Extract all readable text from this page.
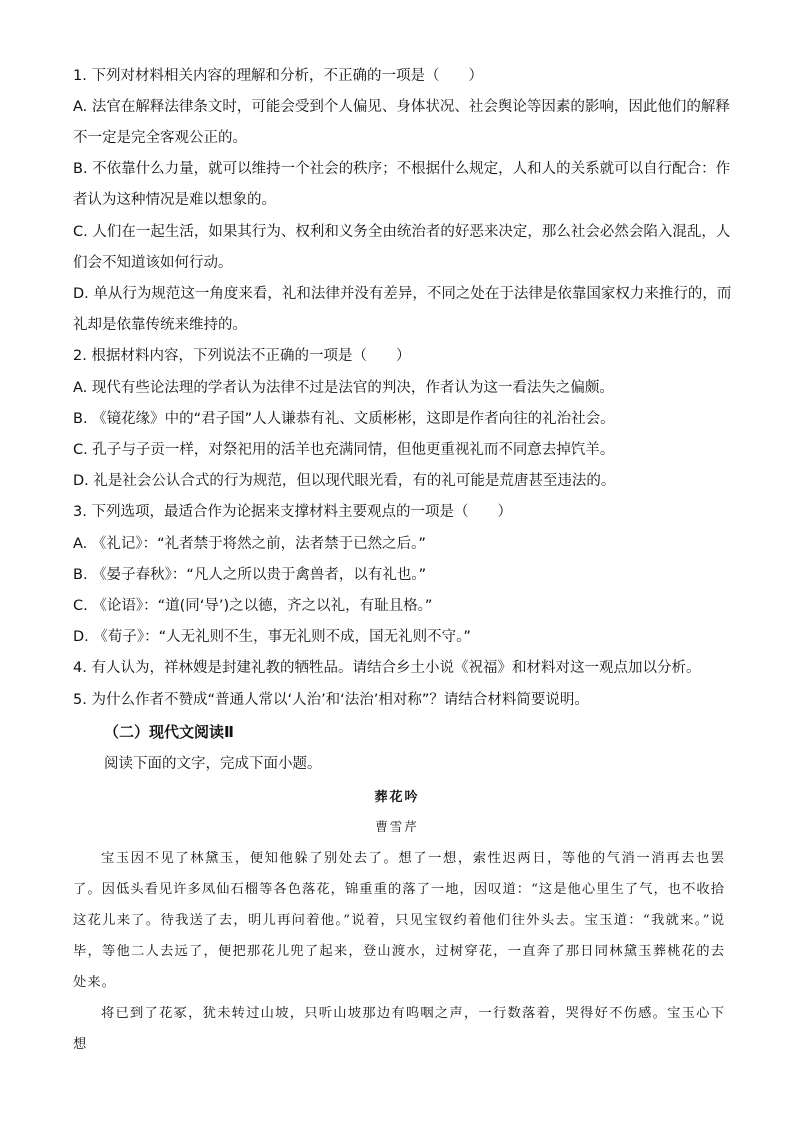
1. 下列对材料相关内容的理解和分析，不正确的一项是（　　）
A. 法官在解释法律条文时，可能会受到个人偏见、身体状况、社会舆论等因素的影响，因此他们的解释
不一定是完全客观公正的。
B. 不依靠什么力量，就可以维持一个社会的秩序；不根据什么规定，人和人的关系就可以自行配合：作
者认为这种情况是难以想象的。
C. 人们在一起生活，如果其行为、权利和义务全由统治者的好恶来决定，那么社会必然会陷入混乱，人
们会不知道该如何行动。
D. 单从行为规范这一角度来看，礼和法律并没有差异，不同之处在于法律是依靠国家权力来推行的，而
礼却是依靠传统来维持的。
2. 根据材料内容，下列说法不正确的一项是（　　）
A. 现代有些论法理的学者认为法律不过是法官的判决，作者认为这一看法失之偏颇。
B. 《镜花缘》中的“君子国”人人谦恭有礼、文质彬彬，这即是作者向往的礼治社会。
C. 孔子与子贡一样，对祭祀用的活羊也充满同情，但他更重视礼而不同意去掉饩羊。
D. 礼是社会公认合式的行为规范，但以现代眼光看，有的礼可能是荒唐甚至违法的。
3. 下列选项，最适合作为论据来支撑材料主要观点的一项是（　　）
A. 《礼记》：“礼者禁于将然之前，法者禁于已然之后。”
B. 《晏子春秋》：“凡人之所以贵于禽兽者，以有礼也。”
C. 《论语》：“道(同‘导’)之以德，齐之以礼，有耻且格。”
D. 《荀子》：“人无礼则不生，事无礼则不成，国无礼则不守。”
4. 有人认为，祥林嫂是封建礼教的牺牲品。请结合乡土小说《祝福》和材料对这一观点加以分析。
5. 为什么作者不赞成“普通人常以‘人治’和‘法治’相对称”？请结合材料简要说明。
（二）现代文阅读Ⅱ
阅读下面的文字，完成下面小题。
葬花吟
曹雪芹
宝玉因不见了林黛玉，便知他躲了别处去了。想了一想，索性迟两日，等他的气消一消再去也罢了。因低头看见许多凤仙石榴等各色落花，锦重重的落了一地，因叹道：“这是他心里生了气，也不收拾这花儿来了。待我送了去，明儿再问着他。”说着，只见宝钗约着他们往外头去。宝玉道：“我就来。”说毕，等他二人去远了，便把那花儿兜了起来，登山渡水，过树穿花，一直奔了那日同林黛玉葬桃花的去处来。
将已到了花冢，犹未转过山坡，只听山坡那边有呜咽之声，一行数落着，哭得好不伤感。宝玉心下想
